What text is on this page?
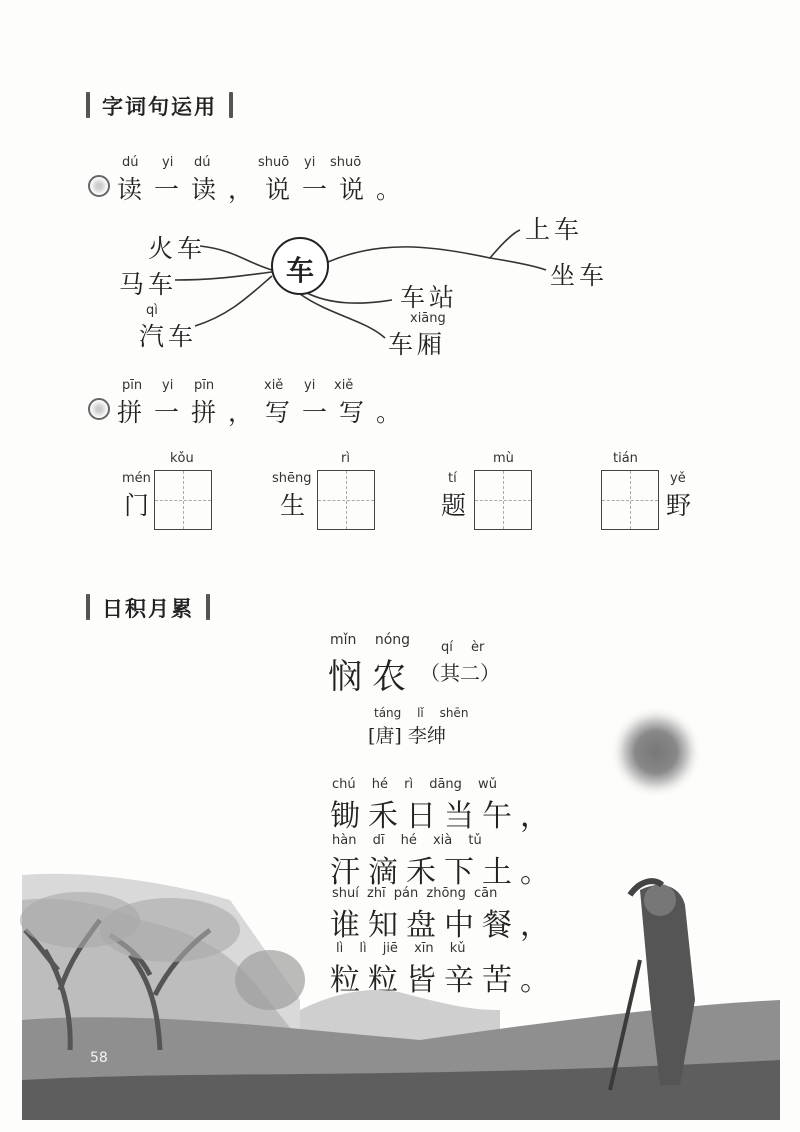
字词句运用
dú yi dú	shuō yi shuō
读一读，说一说。
车
火车
马车
qì
汽车
上车
坐车
车站
xiāng
车厢
pīn yi pīn	xiě yi xiě
拼一拼，写一写。
mén
门
kǒu
shēng
生
rì
tí
题
mù	tián
yě
野
日积月累
mǐn nóng
悯农
qí èr
（其二）
táng lǐ shēn
[唐] 李绅
chú hé rì dāng wǔ
锄禾日当午，
hàn dī hé xià tǔ
汗滴禾下土。
shuí zhī pán zhōng cān
谁知盘中餐，
lì lì jiē xīn kǔ
粒粒皆辛苦。
58
